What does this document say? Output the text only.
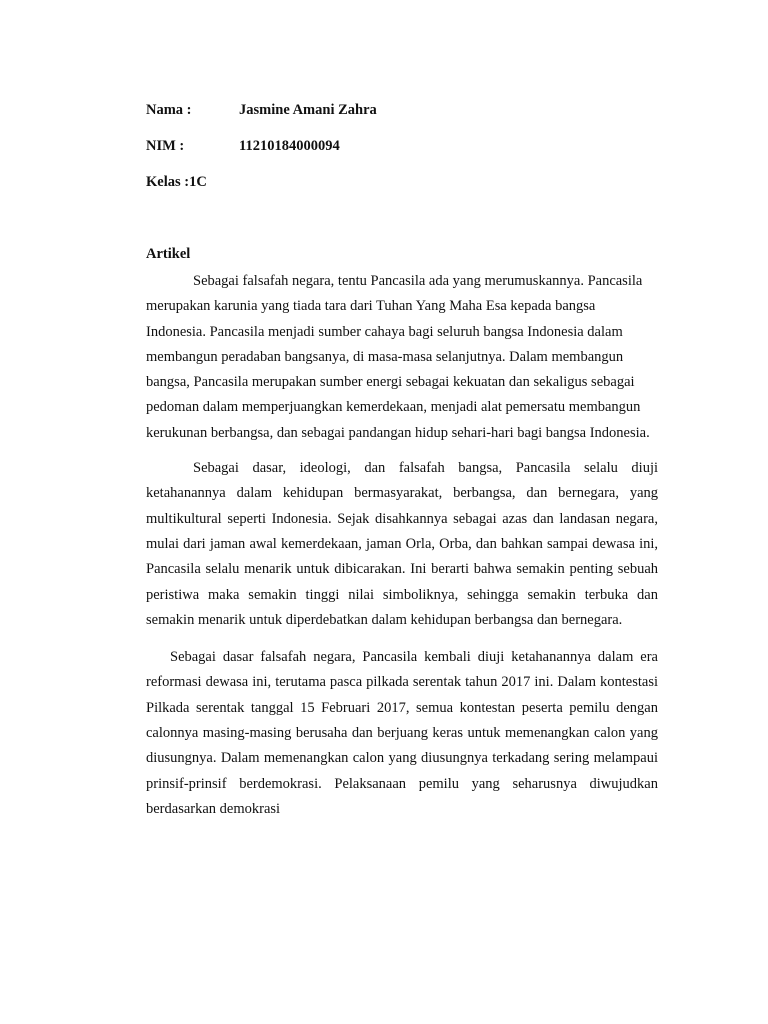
Nama :	Jasmine Amani Zahra
NIM :	11210184000094
Kelas :1C
Artikel

Sebagai falsafah negara, tentu Pancasila ada yang merumuskannya. Pancasila merupakan karunia yang tiada tara dari Tuhan Yang Maha Esa kepada bangsa Indonesia. Pancasila menjadi sumber cahaya bagi seluruh bangsa Indonesia dalam membangun peradaban bangsanya, di masa-masa selanjutnya. Dalam membangun bangsa, Pancasila merupakan sumber energi sebagai kekuatan dan sekaligus sebagai pedoman dalam memperjuangkan kemerdekaan, menjadi alat pemersatu membangun kerukunan berbangsa, dan sebagai pandangan hidup sehari-hari bagi bangsa Indonesia.

Sebagai dasar, ideologi, dan falsafah bangsa, Pancasila selalu diuji ketahanannya dalam kehidupan bermasyarakat, berbangsa, dan bernegara, yang multikultural seperti Indonesia. Sejak disahkannya sebagai azas dan landasan negara, mulai dari jaman awal kemerdekaan, jaman Orla, Orba, dan bahkan sampai dewasa ini, Pancasila selalu menarik untuk dibicarakan. Ini berarti bahwa semakin penting sebuah peristiwa maka semakin tinggi nilai simboliknya, sehingga semakin terbuka dan semakin menarik untuk diperdebatkan dalam kehidupan berbangsa dan bernegara.

Sebagai dasar falsafah negara, Pancasila kembali diuji ketahanannya dalam era reformasi dewasa ini, terutama pasca pilkada serentak tahun 2017 ini. Dalam kontestasi Pilkada serentak tanggal 15 Februari 2017, semua kontestan peserta pemilu dengan calonnya masing-masing berusaha dan berjuang keras untuk memenangkan calon yang diusungnya. Dalam memenangkan calon yang diusungnya terkadang sering melampaui prinsif-prinsif berdemokrasi. Pelaksanaan pemilu yang seharusnya diwujudkan berdasarkan demokrasi
